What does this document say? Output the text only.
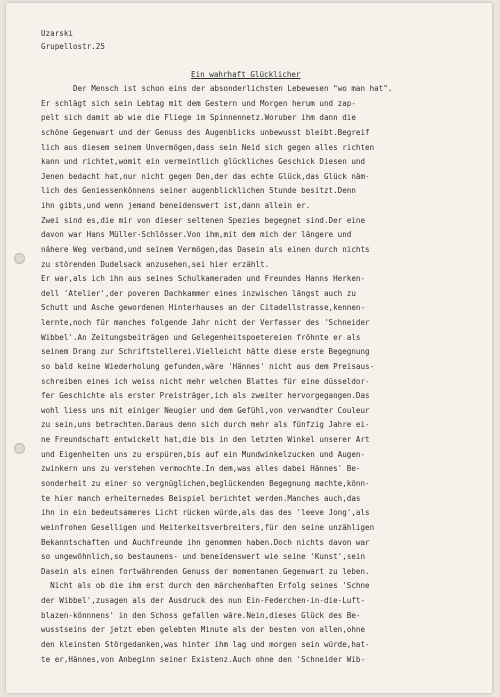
Uzarski

Grupellostr.25

Ein wahrhaft Glücklicher

Der Mensch ist schon eins der absonderlichsten Lebewesen "wo man hat".
Er schlägt sich sein Lebtag mit dem Gestern und Morgen herum und zap-
pelt sich damit ab wie die Fliege im Spinnennetz.Woruber ihm dann die
schöne Gegenwart und der Genuss des Augenblicks unbewusst bleibt.Begreif
lich aus diesem seinem Unvermögen,dass sein Neid sich gegen alles richten
kann und richtet,womit ein vermeintlich glückliches Geschick Diesen und
Jenen bedacht hat,nur nicht gegen Den,der das echte Glück,das Glück näm-
lich des Geniessenkönnens seiner augenblicklichen Stunde besitzt.Denn
ihn gibts,und wenn jemand beneidenswert ist,dann allein er.
Zwei sind es,die mir von dieser seltenen Spezies begegnet sind.Der eine
davon war Hans Müller-Schlösser.Von ihm,mit dem mich der längere und
nähere Weg verband,und seinem Vermögen,das Dasein als einen durch nichts
zu störenden Dudelsack anzusehen,sei hier erzählt.
Er war,als ich ihn aus seines Schulkameraden und Freundes Hanns Herken-
dell 'Atelier',der poveren Dachkammer eines inzwischen längst auch zu
Schutt und Asche gewordenen Hinterhauses an der Citadellstrasse,kennen-
lernte,noch für manches folgende Jahr nicht der Verfasser des 'Schneider
Wibbel'.An Zeitungsbeiträgen und Gelegenheitspoetereien fröhnte er als
seinem Drang zur Schriftstellerei.Vielleicht hätte diese erste Begegnung
so bald keine Wiederholung gefunden,wäre 'Hännes' nicht aus dem Preisaus-
schreiben eines ich weiss nicht mehr welchen Blattes für eine düsseldor-
fer Geschichte als erster Preisträger,ich als zweiter hervorgegangen.Das
wohl liess uns mit einiger Neugier und dem Gefühl,von verwandter Couleur
zu sein,uns betrachten.Daraus denn sich durch mehr als fünfzig Jahre ei-
ne Freundschaft entwickelt hat,die bis in den letzten Winkel unserer Art
und Eigenheiten uns zu erspüren,bis auf ein Mundwinkelzucken und Augen-
zwinkern uns zu verstehen vermochte.In dem,was alles dabei Hännes' Be-
sonderheit zu einer so vergnüglichen,beglückenden Begegnung machte,könn-
te hier manch erheiternedes Beispiel berichtet werden.Manches auch,das
ihn in ein bedeutsameres Licht rücken würde,als das des 'leeve Jong',als
weinfrohen Geselligen und Heiterkeitsverbreiters,für den seine unzähligen
Bekanntschaften und Auchfreunde ihn genommen haben.Doch nichts davon war
so ungewöhnlich,so bestaunens- und beneidenswert wie seine 'Kunst',sein
Dasein als einen fortwährenden Genuss der momentanen Gegenwart zu leben.
Nicht als ob die ihm erst durch den märchenhaften Erfolg seines 'Schne
der Wibbel',zusagen als der Ausdruck des nun Ein-Federchen-in-die-Luft-
blazen-könnnens' in den Schoss gefallen wäre.Nein,dieses Glück des Be-
wusstseins der jetzt eben gelebten Minute als der besten von allen,ohne
den kleinsten Störgedanken,was hinter ihm lag und morgen sein würde,hat-
te er,Hännes,von Anbeginn seiner Existenz.Auch ohne den 'Schneider Wib-
